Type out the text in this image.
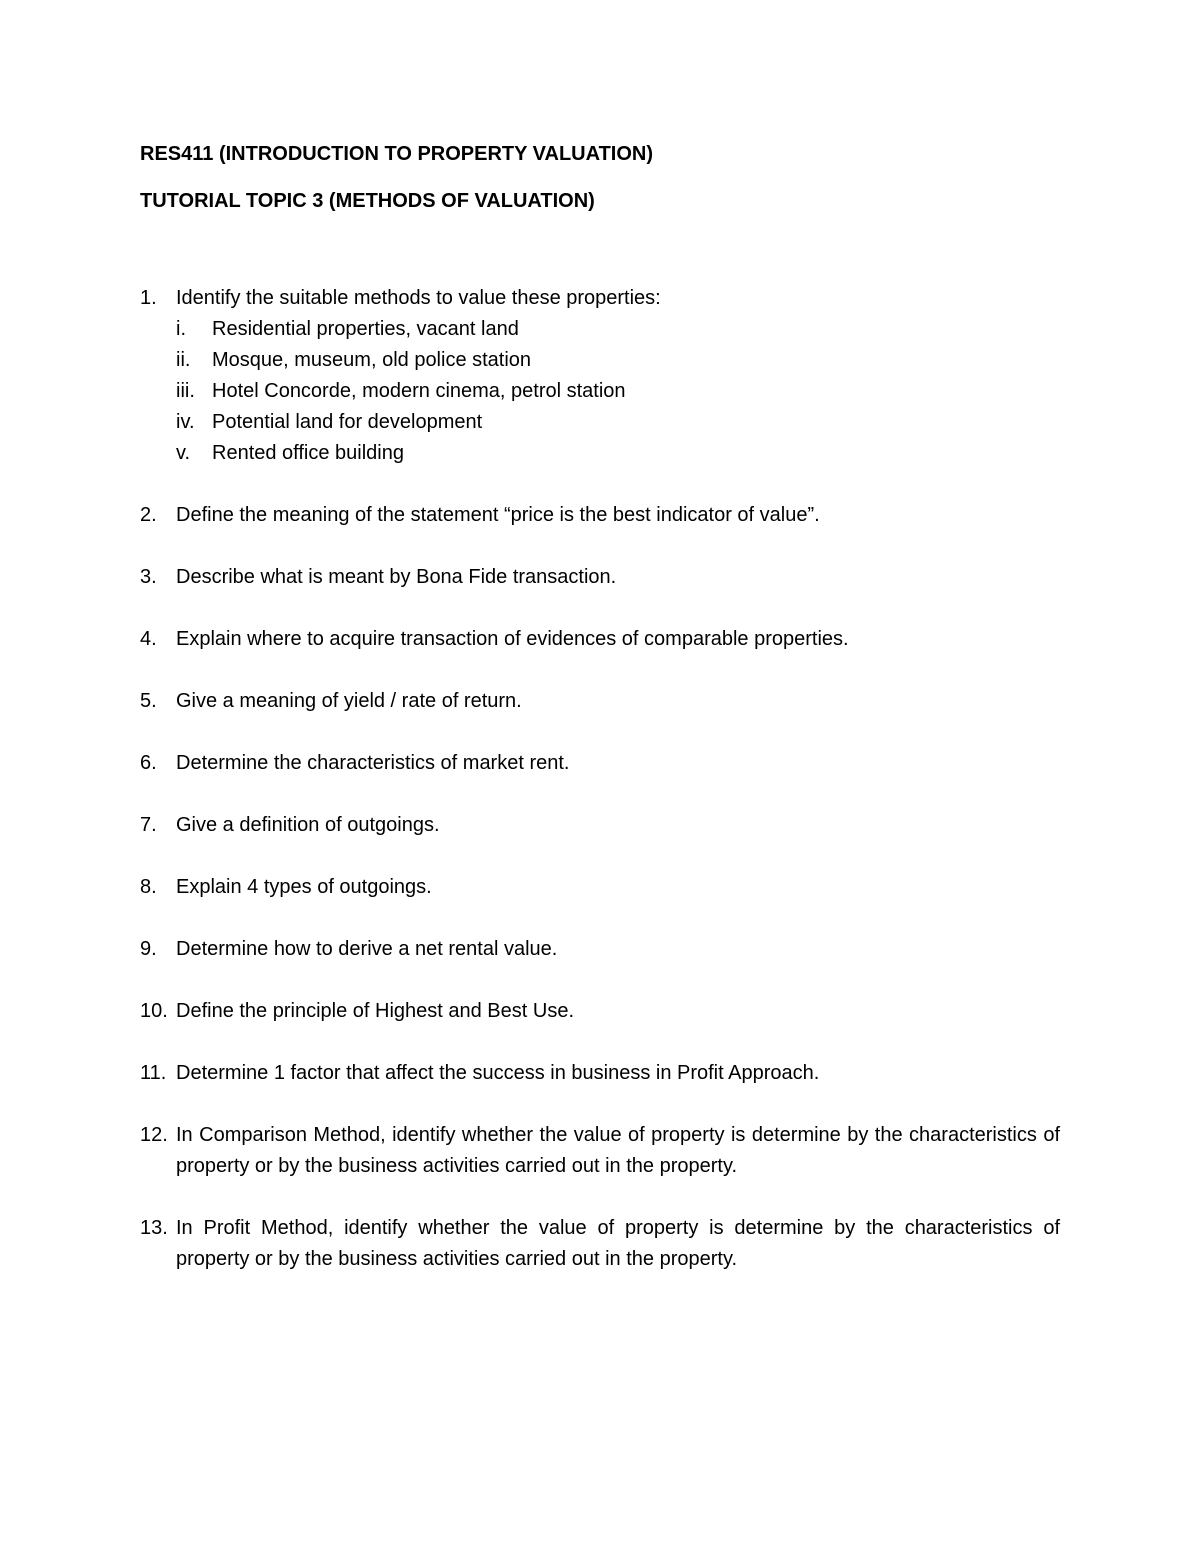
RES411 (INTRODUCTION TO PROPERTY VALUATION)
TUTORIAL TOPIC 3 (METHODS OF VALUATION)
1. Identify the suitable methods to value these properties:
i.	Residential properties, vacant land
ii.	Mosque, museum, old police station
iii. Hotel Concorde, modern cinema, petrol station
iv. Potential land for development
v.	Rented office building
2. Define the meaning of the statement “price is the best indicator of value”.
3. Describe what is meant by Bona Fide transaction.
4. Explain where to acquire transaction of evidences of comparable properties.
5. Give a meaning of yield / rate of return.
6. Determine the characteristics of market rent.
7. Give a definition of outgoings.
8. Explain 4 types of outgoings.
9. Determine how to derive a net rental value.
10. Define the principle of Highest and Best Use.
11. Determine 1 factor that affect the success in business in Profit Approach.
12. In Comparison Method, identify whether the value of property is determine by the characteristics of property or by the business activities carried out in the property.
13. In Profit Method, identify whether the value of property is determine by the characteristics of property or by the business activities carried out in the property.
